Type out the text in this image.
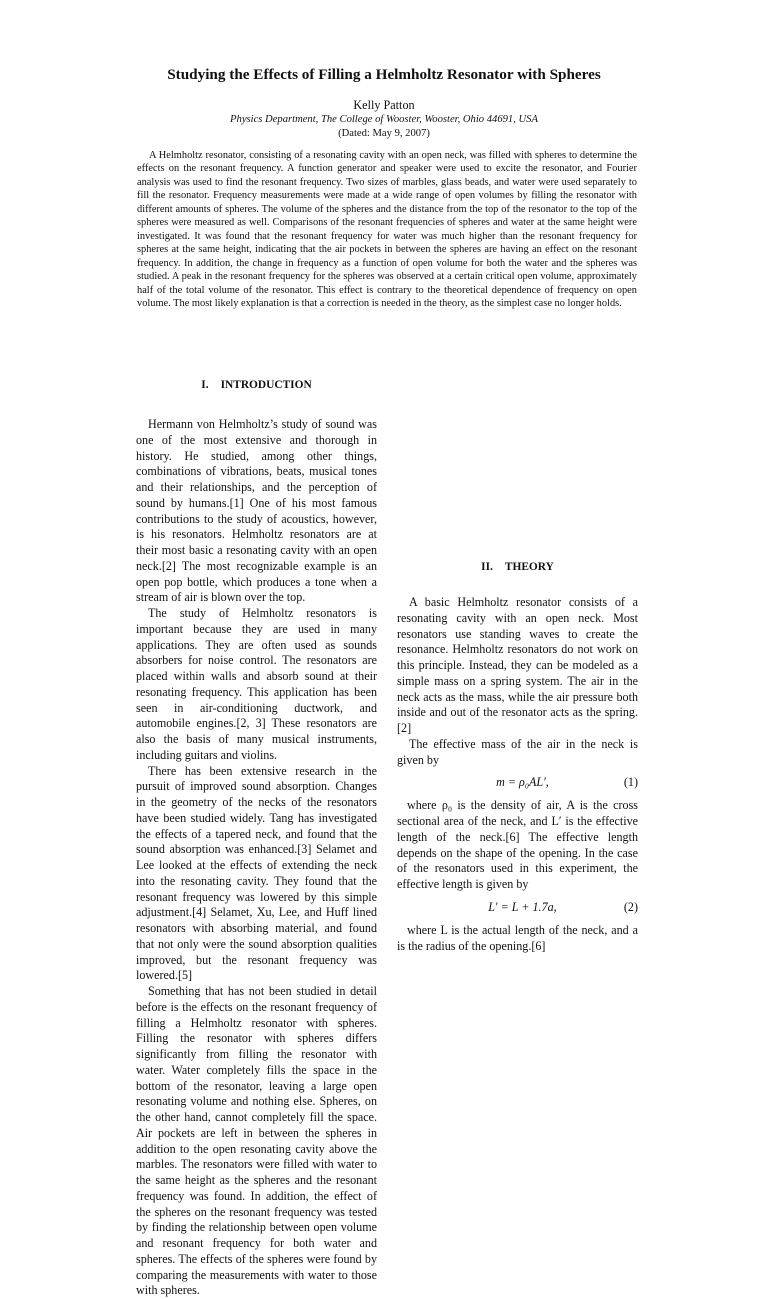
Studying the Effects of Filling a Helmholtz Resonator with Spheres
Kelly Patton
Physics Department, The College of Wooster, Wooster, Ohio 44691, USA
(Dated: May 9, 2007)

A Helmholtz resonator, consisting of a resonating cavity with an open neck, was filled with spheres to determine the effects on the resonant frequency. A function generator and speaker were used to excite the resonator, and Fourier analysis was used to find the resonant frequency. Two sizes of marbles, glass beads, and water were used separately to fill the resonator. Frequency measurements were made at a wide range of open volumes by filling the resonator with different amounts of spheres. The volume of the spheres and the distance from the top of the resonator to the top of the spheres were measured as well. Comparisons of the resonant frequencies of spheres and water at the same height were investigated. It was found that the resonant frequency for water was much higher than the resonant frequency for spheres at the same height, indicating that the air pockets in between the spheres are having an effect on the resonant frequency. In addition, the change in frequency as a function of open volume for both the water and the spheres was studied. A peak in the resonant frequency for the spheres was observed at a certain critical open volume, approximately half of the total volume of the resonator. This effect is contrary to the theoretical dependence of frequency on open volume. The most likely explanation is that a correction is needed in the theory, as the simplest case no longer holds.

I. INTRODUCTION

Hermann von Helmholtz’s study of sound was one of the most extensive and thorough in history. He studied, among other things, combinations of vibrations, beats, musical tones and their relationships, and the perception of sound by humans.[1] One of his most famous contributions to the study of acoustics, however, is his resonators. Helmholtz resonators are at their most basic a resonating cavity with an open neck.[2] The most recognizable example is an open pop bottle, which produces a tone when a stream of air is blown over the top.

The study of Helmholtz resonators is important because they are used in many applications. They are often used as sounds absorbers for noise control. The resonators are placed within walls and absorb sound at their resonating frequency. This application has been seen in air-conditioning ductwork, and automobile engines.[2, 3] These resonators are also the basis of many musical instruments, including guitars and violins.

There has been extensive research in the pursuit of improved sound absorption. Changes in the geometry of the necks of the resonators have been studied widely. Tang has investigated the effects of a tapered neck, and found that the sound absorption was enhanced.[3] Selamet and Lee looked at the effects of extending the neck into the resonating cavity. They found that the resonant frequency was lowered by this simple adjustment.[4] Selamet, Xu, Lee, and Huff lined resonators with absorbing material, and found that not only were the sound absorption qualities improved, but the resonant frequency was lowered.[5]

Something that has not been studied in detail before is the effects on the resonant frequency of filling a Helmholtz resonator with spheres. Filling the resonator with spheres differs significantly from filling the resonator with water. Water completely fills the space in the bottom of the resonator, leaving a large open resonating volume and nothing else. Spheres, on the other hand, cannot completely fill the space. Air pockets are left in between the spheres in addition to the open resonating cavity above the marbles. The resonators were filled with water to the same height as the spheres and the resonant frequency was found. In addition, the effect of the spheres on the resonant frequency was tested by finding the relationship between open volume and resonant frequency for both water and spheres. The effects of the spheres were found by comparing the measurements with water to those with spheres.

II. THEORY

A basic Helmholtz resonator consists of a resonating cavity with an open neck. Most resonators use standing waves to create the resonance. Helmholtz resonators do not work on this principle. Instead, they can be modeled as a simple mass on a spring system. The air in the neck acts as the mass, while the air pressure both inside and out of the resonator acts as the spring.[2]

The effective mass of the air in the neck is given by

m = ρ₀AL′,	(1)

where ρ₀ is the density of air, A is the cross sectional area of the neck, and L′ is the effective length of the neck.[6] The effective length depends on the shape of the opening. In the case of the resonators used in this experiment, the effective length is given by

L′ = L + 1.7a,	(2)

where L is the actual length of the neck, and a is the radius of the opening.[6]
